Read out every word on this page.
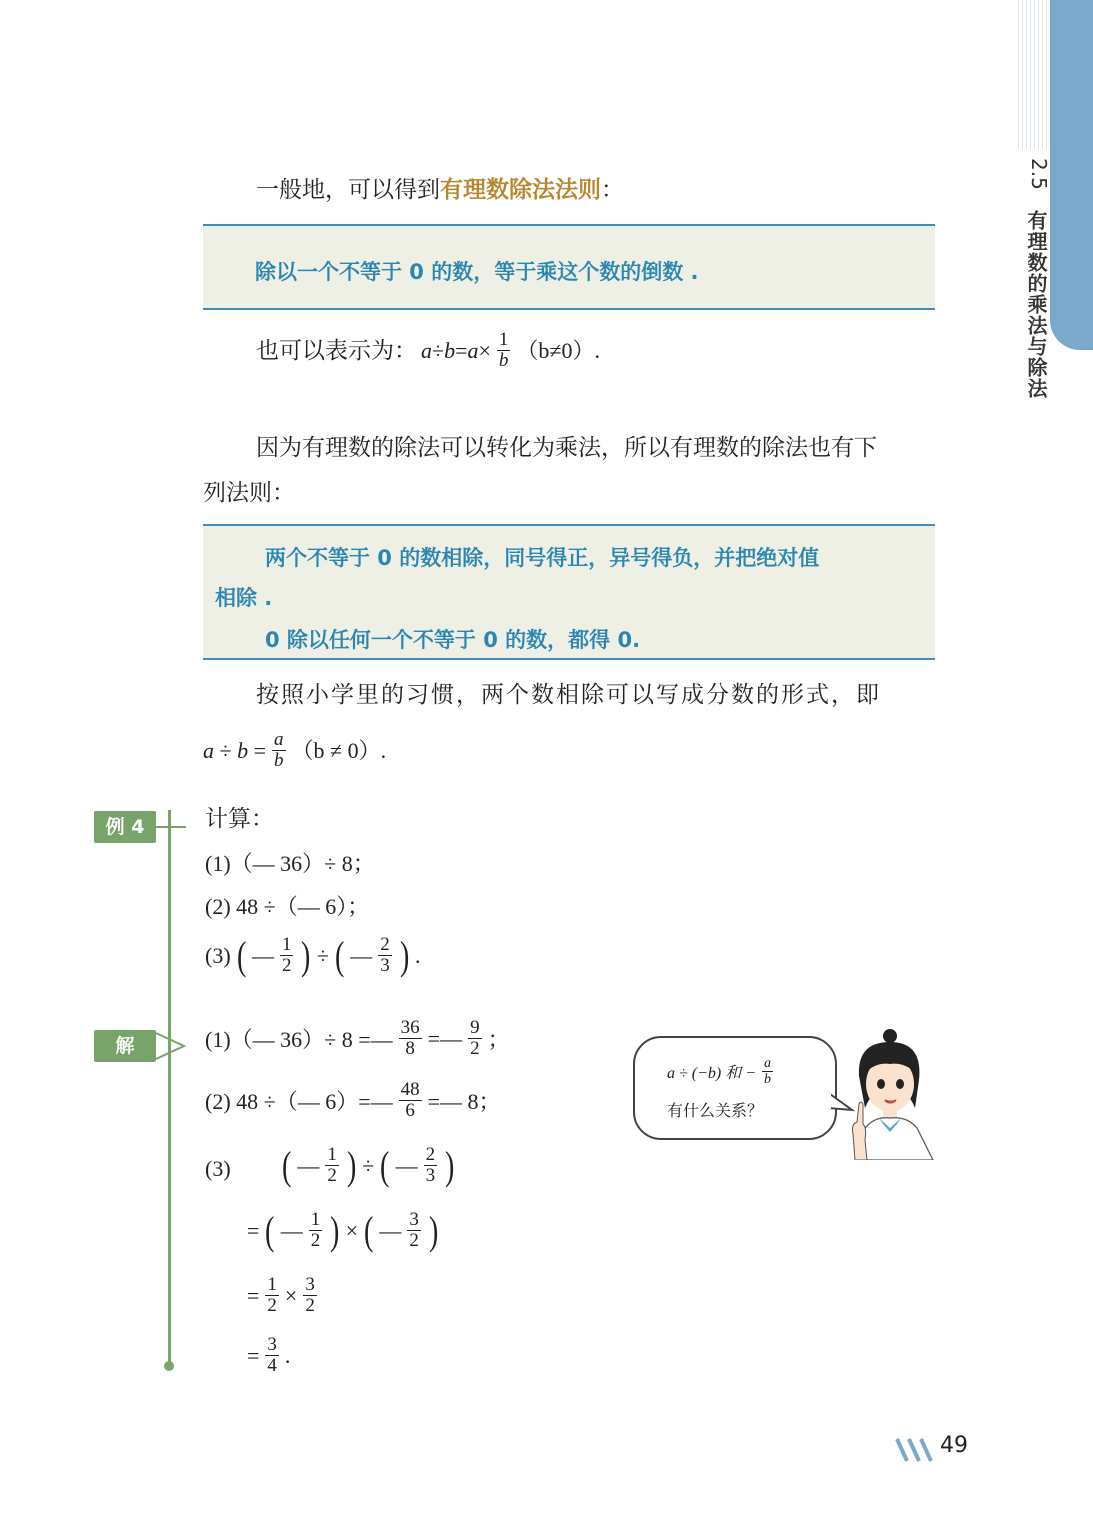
2.5
有理数的乘法与除法
一般地，可以得到有理数除法法则：
除以一个不等于 0 的数，等于乘这个数的倒数 .
也可以表示为： $a\div b=a\times \frac{1}{b} (b\ne 0)$.
因为有理数的除法可以转化为乘法，所以有理数的除法也有下
列法则：
两个不等于 0 的数相除，同号得正，异号得负，并把绝对值
相除 .
0 除以任何一个不等于 0 的数，都得 0.
按照小学里的习惯，两个数相除可以写成分数的形式，即
$a \div b = \frac{a}{b} (b \ne 0)$.
例 4	计算：
(1)（— 36）÷ 8；
(2) 48 ÷（— 6）；
(3) ( — $\frac{1}{2}$ ) ÷ ( — $\frac{2}{3}$ ) .
解	(1)（— 36）÷ 8 =— $\frac{36}{8}$ =— $\frac{9}{2}$ ；
(2) 48 ÷（— 6）=— $\frac{48}{6}$ =— 8；
(3) ( — $\frac{1}{2}$ ) ÷ ( — $\frac{2}{3}$ )
= ( — $\frac{1}{2}$ ) × ( — $\frac{3}{2}$ )
= $\frac{1}{2} \times \frac{3}{2}$
= $\frac{3}{4}$ .
a ÷ (−b) 和 − $\frac{a}{b}$
有什么关系？
49
